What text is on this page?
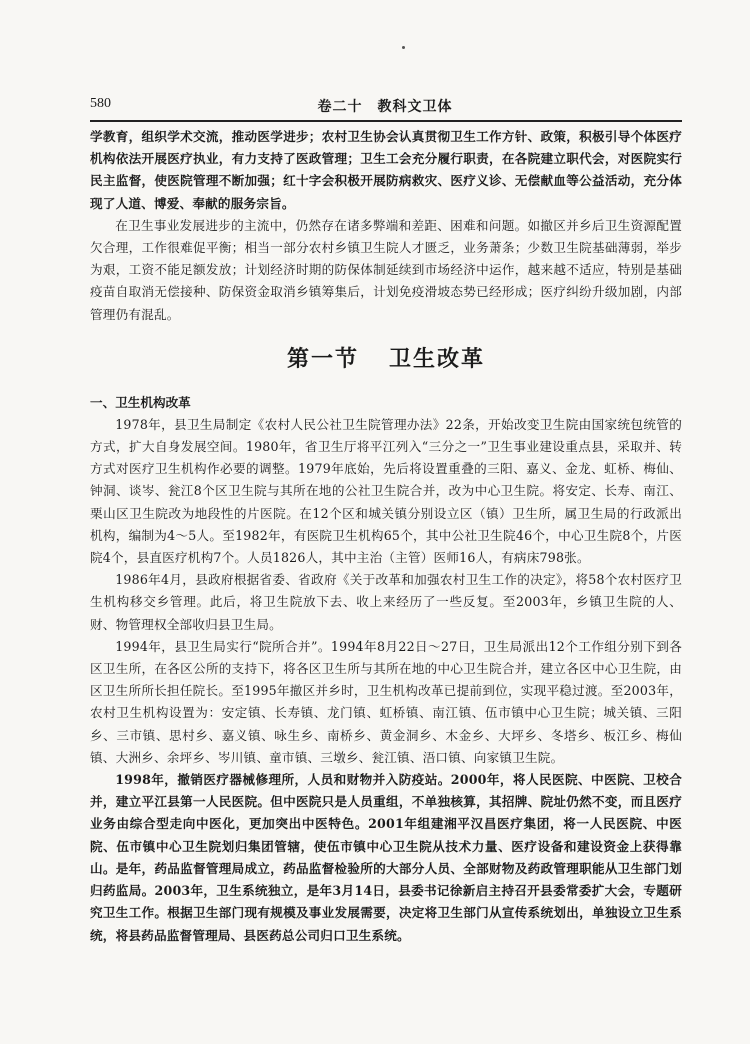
580	卷二十　教科文卫体

学教育，组织学术交流，推动医学进步；农村卫生协会认真贯彻卫生工作方针、政策，积极引导个体医疗机构依法开展医疗执业，有力支持了医政管理；卫生工会充分履行职责，在各院建立职代会，对医院实行民主监督，使医院管理不断加强；红十字会积极开展防病救灾、医疗义诊、无偿献血等公益活动，充分体现了人道、博爱、奉献的服务宗旨。

在卫生事业发展进步的主流中，仍然存在诸多弊端和差距、困难和问题。如撤区并乡后卫生资源配置欠合理，工作很难促平衡；相当一部分农村乡镇卫生院人才匮乏，业务萧条；少数卫生院基础薄弱，举步为艰，工资不能足额发放；计划经济时期的防保体制延续到市场经济中运作，越来越不适应，特别是基础疫苗自取消无偿接种、防保资金取消乡镇筹集后，计划免疫滑坡态势已经形成；医疗纠纷升级加剧，内部管理仍有混乱。

第一节 卫生改革
一、卫生机构改革

1978年，县卫生局制定《农村人民公社卫生院管理办法》22条，开始改变卫生院由国家统包统管的方式，扩大自身发展空间。1980年，省卫生厅将平江列入“三分之一”卫生事业建设重点县，采取并、转方式对医疗卫生机构作必要的调整。1979年底始，先后将设置重叠的三阳、嘉义、金龙、虹桥、梅仙、钟洞、谈岑、瓮江8个区卫生院与其所在地的公社卫生院合并，改为中心卫生院。将安定、长寿、南江、栗山区卫生院改为地段性的片医院。在12个区和城关镇分别设立区（镇）卫生所，属卫生局的行政派出机构，编制为4～5人。至1982年，有医院卫生机构65个，其中公社卫生院46个，中心卫生院8个，片医院4个，县直医疗机构7个。人员1826人，其中主治（主管）医师16人，有病床798张。

1986年4月，县政府根据省委、省政府《关于改革和加强农村卫生工作的决定》，将58个农村医疗卫生机构移交乡管理。此后，将卫生院放下去、收上来经历了一些反复。至2003年，乡镇卫生院的人、财、物管理权全部收归县卫生局。

1994年，县卫生局实行“院所合并”。1994年8月22日～27日，卫生局派出12个工作组分别下到各区卫生所，在各区公所的支持下，将各区卫生所与其所在地的中心卫生院合并，建立各区中心卫生院，由区卫生所所长担任院长。至1995年撤区并乡时，卫生机构改革已提前到位，实现平稳过渡。至2003年，农村卫生机构设置为：安定镇、长寿镇、龙门镇、虹桥镇、南江镇、伍市镇中心卫生院；城关镇、三阳乡、三市镇、思村乡、嘉义镇、咏生乡、南桥乡、黄金洞乡、木金乡、大坪乡、冬塔乡、板江乡、梅仙镇、大洲乡、余坪乡、岑川镇、童市镇、三墩乡、瓮江镇、浯口镇、向家镇卫生院。

1998年，撤销医疗器械修理所，人员和财物并入防疫站。2000年，将人民医院、中医院、卫校合并，建立平江县第一人民医院。但中医院只是人员重组，不单独核算，其招牌、院址仍然不变，而且医疗业务由综合型走向中医化，更加突出中医特色。2001年组建湘平汉昌医疗集团，将一人民医院、中医院、伍市镇中心卫生院划归集团管辖，使伍市镇中心卫生院从技术力量、医疗设备和建设资金上获得靠山。是年，药品监督管理局成立，药品监督检验所的大部分人员、全部财物及药政管理职能从卫生部门划归药监局。2003年，卫生系统独立，是年3月14日，县委书记徐新启主持召开县委常委扩大会，专题研究卫生工作。根据卫生部门现有规模及事业发展需要，决定将卫生部门从宣传系统划出，单独设立卫生系统，将县药品监督管理局、县医药总公司归口卫生系统。
